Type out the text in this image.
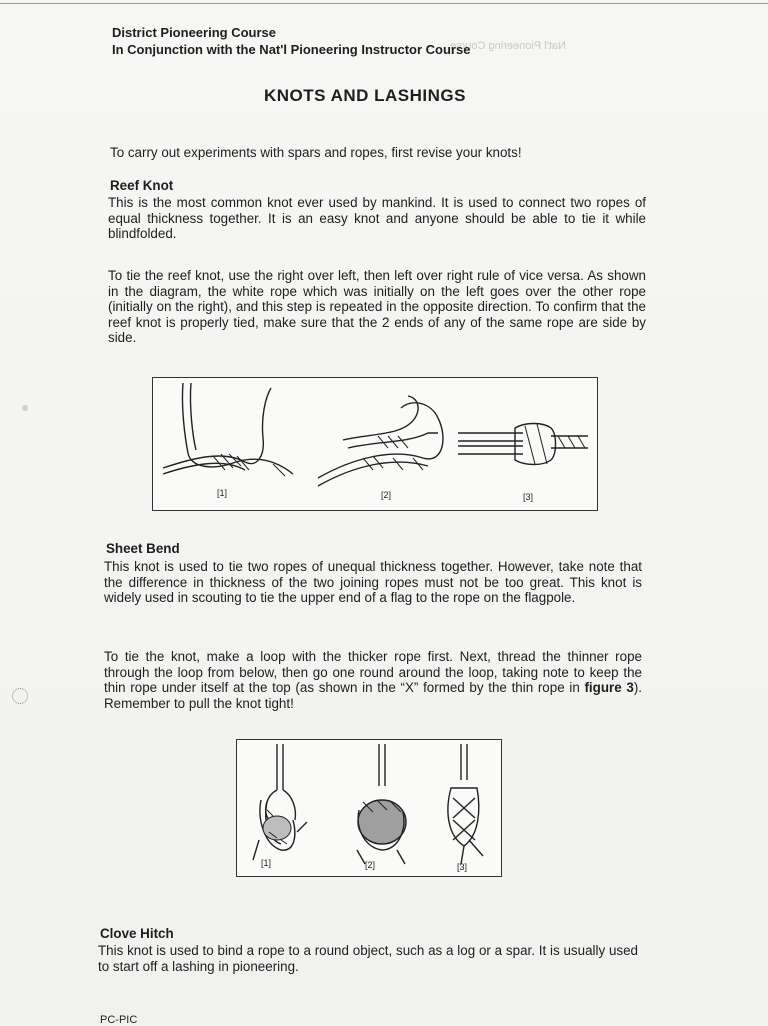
Nat'l Pioneering Course
District Pioneering Course
In Conjunction with the Nat'l Pioneering Instructor Course
KNOTS AND LASHINGS
To carry out experiments with spars and ropes, first revise your knots!
Reef Knot
This is the most common knot ever used by mankind. It is used to connect two ropes of equal thickness together. It is an easy knot and anyone should be able to tie it while blindfolded.
To tie the reef knot, use the right over left, then left over right rule of vice versa. As shown in the diagram, the white rope which was initially on the left goes over the other rope (initially on the right), and this step is repeated in the opposite direction. To confirm that the reef knot is properly tied, make sure that the 2 ends of any of the same rope are side by side.
[1]	[2]	[3]
Sheet Bend
This knot is used to tie two ropes of unequal thickness together. However, take note that the difference in thickness of the two joining ropes must not be too great. This knot is widely used in scouting to tie the upper end of a flag to the rope on the flagpole.
To tie the knot, make a loop with the thicker rope first. Next, thread the thinner rope through the loop from below, then go one round around the loop, taking note to keep the thin rope under itself at the top (as shown in the “X” formed by the thin rope in figure 3). Remember to pull the knot tight!
[1]	[2]	[3]
Clove Hitch
This knot is used to bind a rope to a round object, such as a log or a spar. It is usually used to start off a lashing in pioneering.
PC-PIC
